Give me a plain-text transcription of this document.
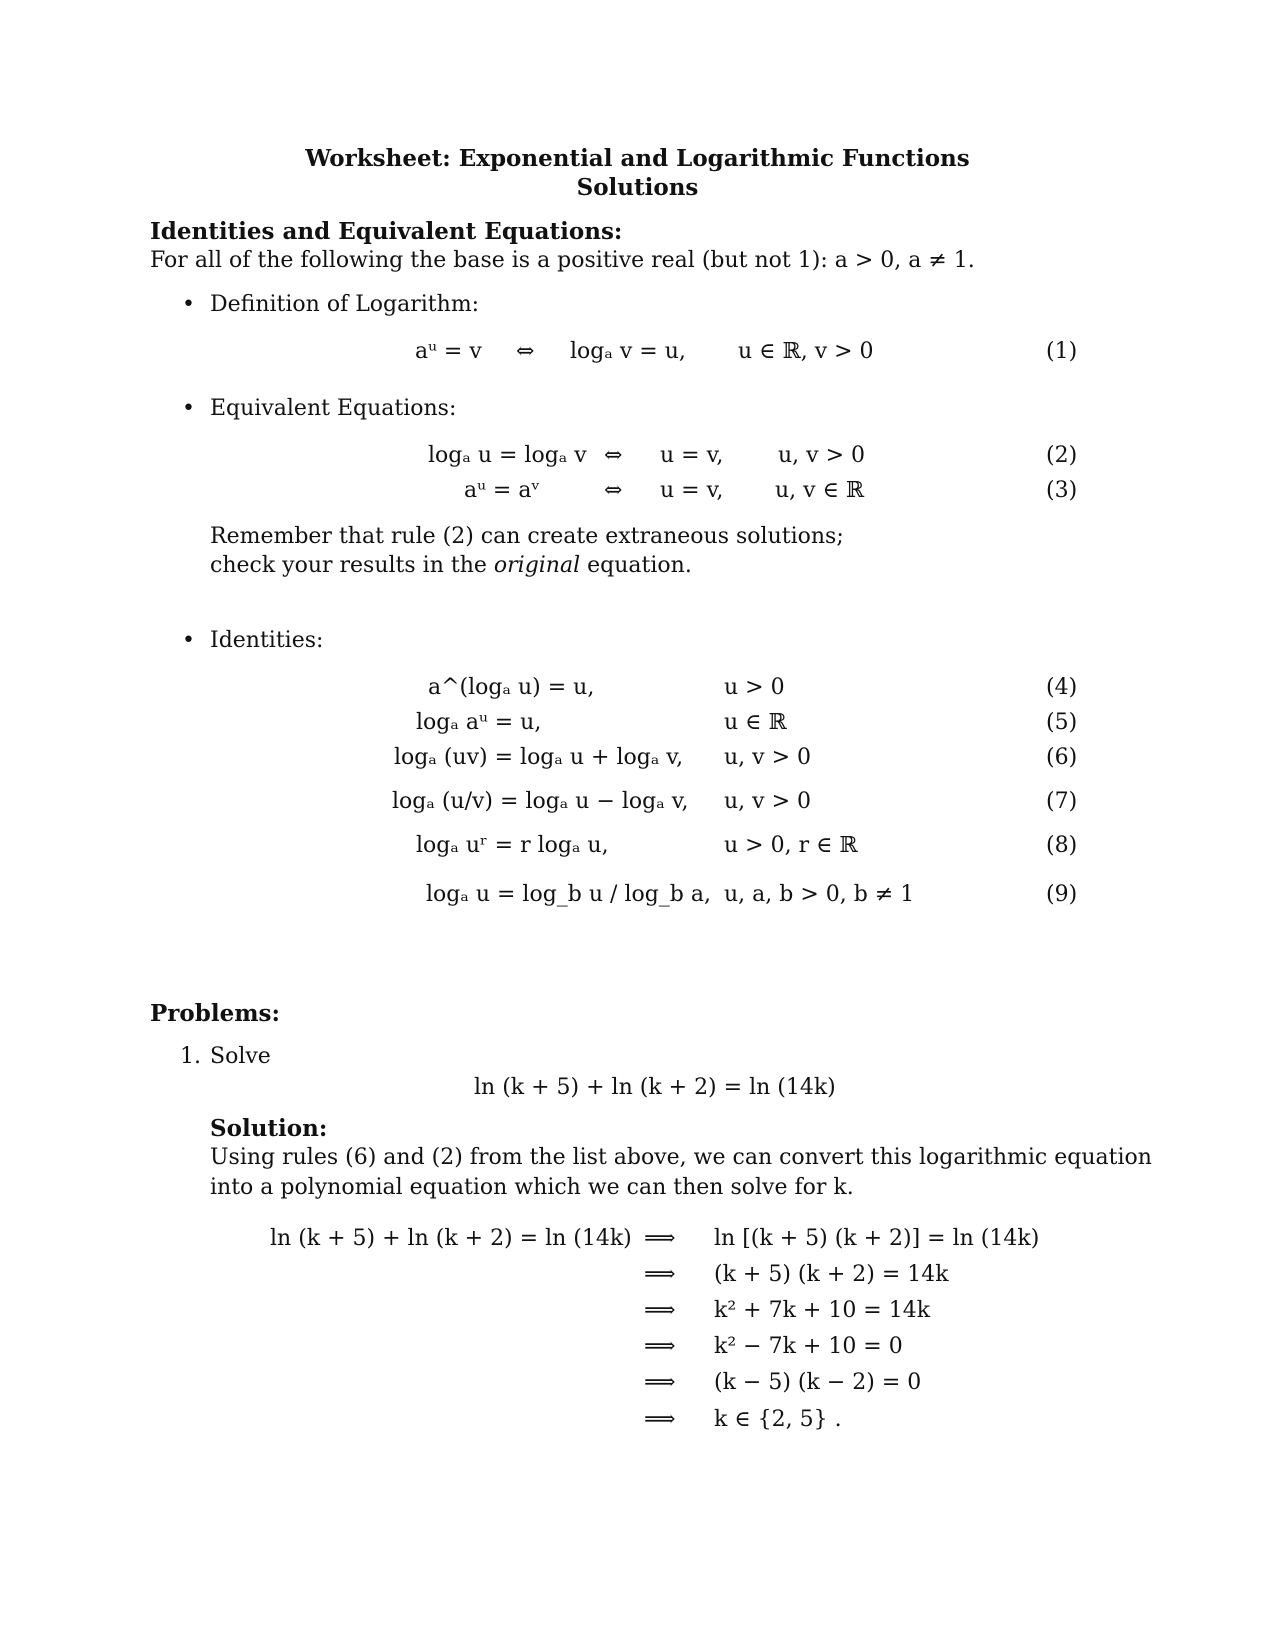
Worksheet: Exponential and Logarithmic Functions
Solutions
Identities and Equivalent Equations:
For all of the following the base is a positive real (but not 1): a > 0, a ≠ 1.
• Definition of Logarithm:
aᵘ = v ⇔ logₐ v = u, u ∈ ℝ, v > 0	(1)
• Equivalent Equations:
logₐ u = logₐ v ⇔ u = v, u, v > 0	(2)
aᵘ = aᵛ	⇔ u = v, u, v ∈ ℝ	(3)
Remember that rule (2) can create extraneous solutions;
check your results in the original equation.
• Identities:
a^(logₐ u) = u,	u > 0	(4)
logₐ aᵘ = u,	u ∈ ℝ	(5)
logₐ (uv) = logₐ u + logₐ v, u, v > 0	(6)
logₐ (u/v) = logₐ u − logₐ v, u, v > 0	(7)
logₐ uʳ = r logₐ u,	u > 0, r ∈ ℝ	(8)
logₐ u = log_b u / log_b a, u, a, b > 0, b ≠ 1	(9)
Problems:
1. Solve
ln (k + 5) + ln (k + 2) = ln (14k)
Solution:
Using rules (6) and (2) from the list above, we can convert this logarithmic equation
into a polynomial equation which we can then solve for k.
ln (k + 5) + ln (k + 2) = ln (14k) ⟹ ln [(k + 5) (k + 2)] = ln (14k)
⟹ (k + 5) (k + 2) = 14k
⟹ k² + 7k + 10 = 14k
⟹ k² − 7k + 10 = 0
⟹ (k − 5) (k − 2) = 0
⟹ k ∈ {2, 5} .
